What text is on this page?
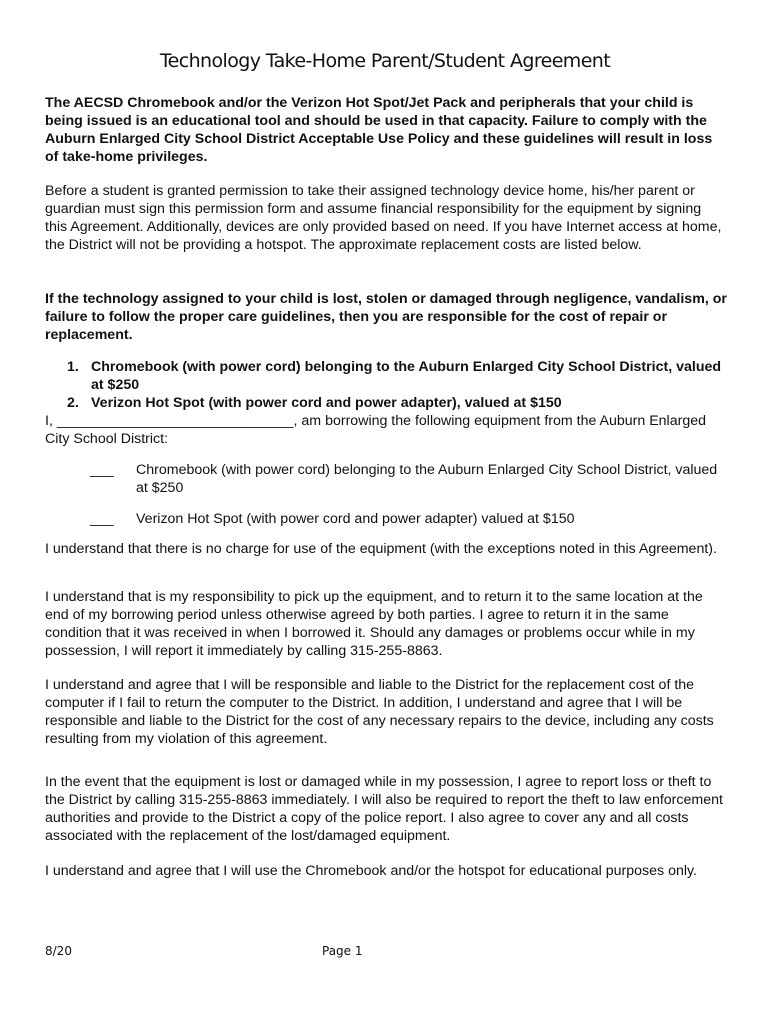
Technology Take-Home Parent/Student Agreement

The AECSD Chromebook and/or the Verizon Hot Spot/Jet Pack and peripherals that your child is being issued is an educational tool and should be used in that capacity. Failure to comply with the Auburn Enlarged City School District Acceptable Use Policy and these guidelines will result in loss of take-home privileges.

Before a student is granted permission to take their assigned technology device home, his/her parent or guardian must sign this permission form and assume financial responsibility for the equipment by signing this Agreement. Additionally, devices are only provided based on need. If you have Internet access at home, the District will not be providing a hotspot. The approximate replacement costs are listed below.

If the technology assigned to your child is lost, stolen or damaged through negligence, vandalism, or failure to follow the proper care guidelines, then you are responsible for the cost of repair or replacement.

1. Chromebook (with power cord) belonging to the Auburn Enlarged City School District, valued at $250
2. Verizon Hot Spot (with power cord and power adapter), valued at $150

I, ______________________________, am borrowing the following equipment from the Auburn Enlarged City School District:

___	Chromebook (with power cord) belonging to the Auburn Enlarged City School District, valued at $250
___	Verizon Hot Spot (with power cord and power adapter) valued at $150

I understand that there is no charge for use of the equipment (with the exceptions noted in this Agreement).

I understand that is my responsibility to pick up the equipment, and to return it to the same location at the end of my borrowing period unless otherwise agreed by both parties. I agree to return it in the same condition that it was received in when I borrowed it. Should any damages or problems occur while in my possession, I will report it immediately by calling 315-255-8863.

I understand and agree that I will be responsible and liable to the District for the replacement cost of the computer if I fail to return the computer to the District. In addition, I understand and agree that I will be responsible and liable to the District for the cost of any necessary repairs to the device, including any costs resulting from my violation of this agreement.

In the event that the equipment is lost or damaged while in my possession, I agree to report loss or theft to the District by calling 315-255-8863 immediately. I will also be required to report the theft to law enforcement authorities and provide to the District a copy of the police report. I also agree to cover any and all costs associated with the replacement of the lost/damaged equipment.

I understand and agree that I will use the Chromebook and/or the hotspot for educational purposes only.

8/20	Page 1
